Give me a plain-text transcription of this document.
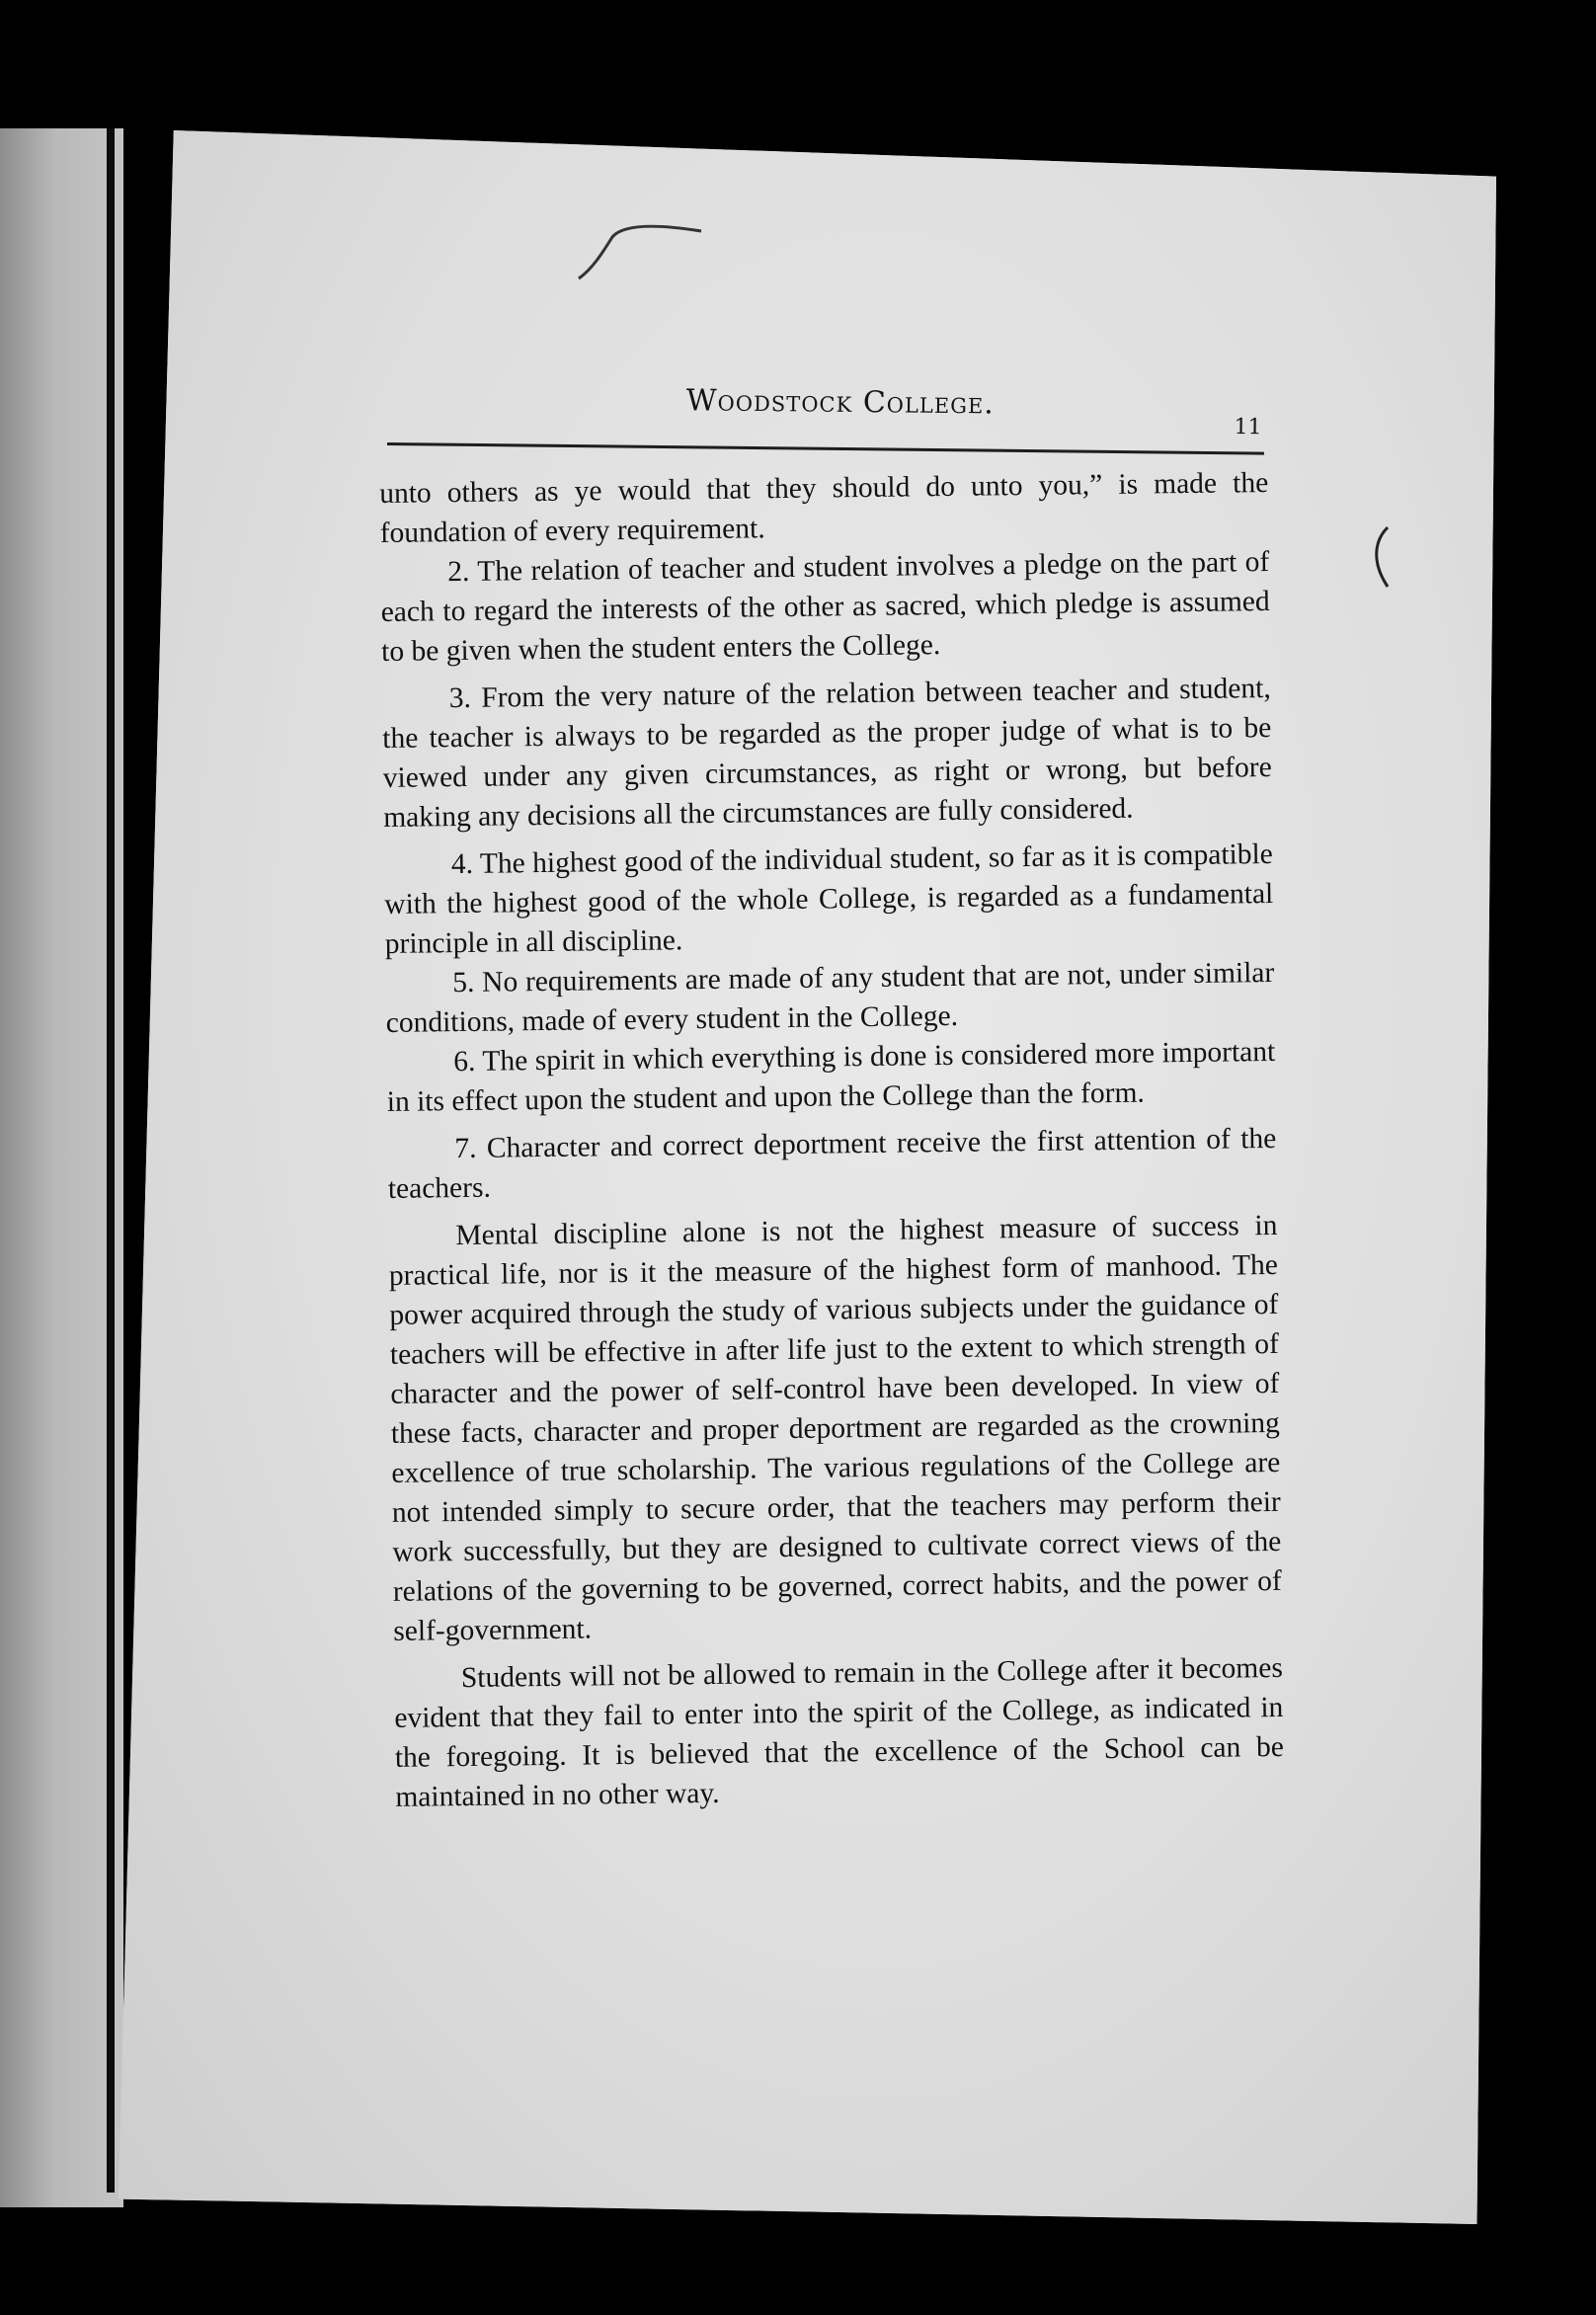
Woodstock College.
11

unto others as ye would that they should do unto you,” is made the foundation of every requirement.

2. The relation of teacher and student involves a pledge on the part of each to regard the interests of the other as sacred, which pledge is assumed to be given when the student enters the College.

3. From the very nature of the relation between teacher and student, the teacher is always to be regarded as the proper judge of what is to be viewed under any given circumstances, as right or wrong, but before making any decisions all the circumstances are fully considered.

4. The highest good of the individual student, so far as it is compatible with the highest good of the whole College, is regarded as a fundamental principle in all discipline.

5. No requirements are made of any student that are not, under similar conditions, made of every student in the College.

6. The spirit in which everything is done is considered more important in its effect upon the student and upon the College than the form.

7. Character and correct deportment receive the first attention of the teachers.

Mental discipline alone is not the highest measure of success in practical life, nor is it the measure of the highest form of manhood. The power acquired through the study of various subjects under the guidance of teachers will be effective in after life just to the extent to which strength of character and the power of self-control have been developed. In view of these facts, character and proper deportment are regarded as the crowning excellence of true scholarship. The various regulations of the College are not intended simply to secure order, that the teachers may perform their work successfully, but they are designed to cultivate correct views of the relations of the governing to be governed, correct habits, and the power of self-government.

Students will not be allowed to remain in the College after it becomes evident that they fail to enter into the spirit of the College, as indicated in the foregoing. It is believed that the excellence of the School can be maintained in no other way.
